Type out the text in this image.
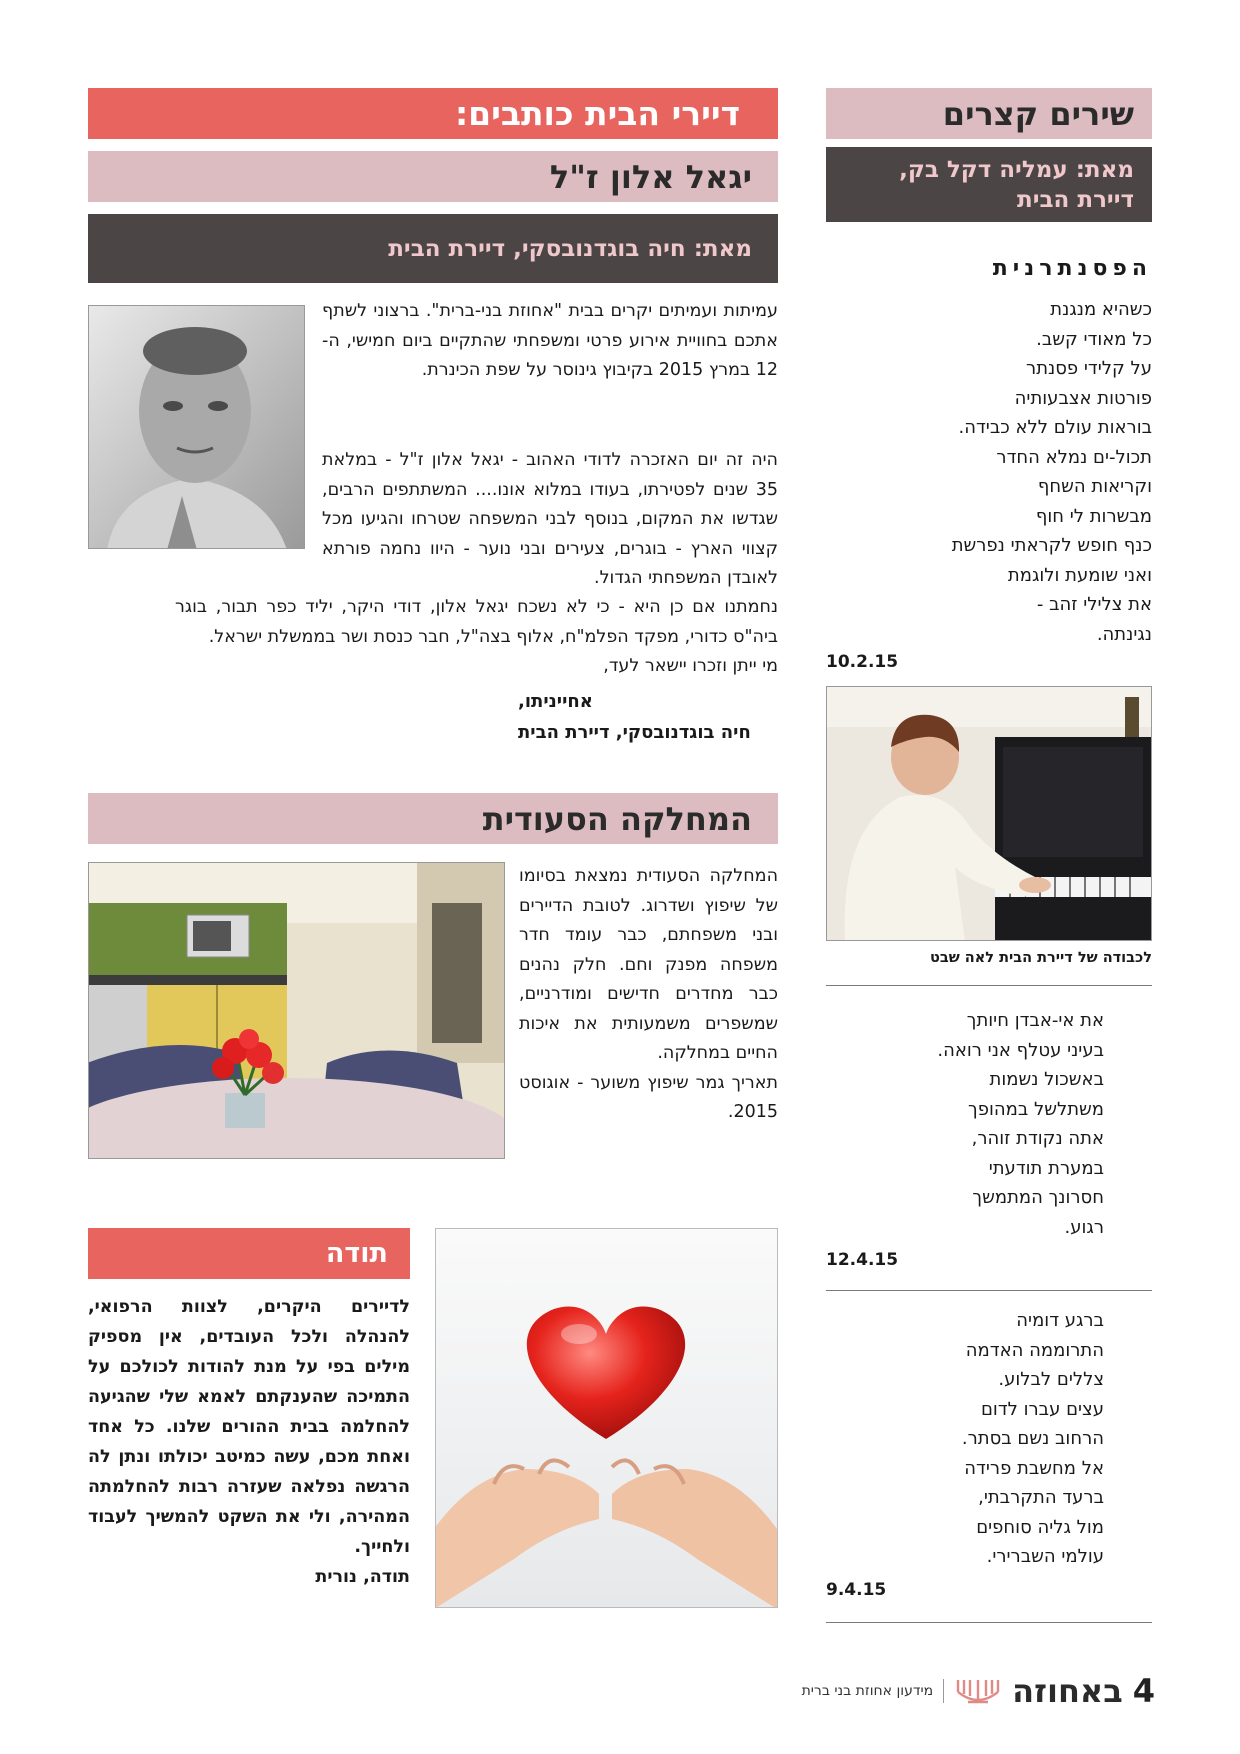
דיירי הבית כותבים:
יגאל אלון ז"ל
מאת: חיה בוגדנובסקי, דיירת הבית

עמיתות ועמיתים יקרים בבית "אחוזת בני-ברית". ברצוני לשתף אתכם בחוויית אירוע פרטי ומשפחתי שהתקיים ביום חמישי, ה- 12 במרץ 2015 בקיבוץ גינוסר על שפת הכינרת.

היה זה יום האזכרה לדודי האהוב - יגאל אלון ז"ל - במלאת 35 שנים לפטירתו, בעודו במלוא אונו.... המשתתפים הרבים, שגדשו את המקום, בנוסף לבני המשפחה שטרחו והגיעו מכל קצווי הארץ - בוגרים, צעירים ובני נוער - היוו נחמה פורתא לאובדן המשפחתי הגדול.

נחמתנו אם כן היא - כי לא נשכח יגאל אלון, דודי היקר, יליד כפר תבור, בוגר ביה"ס כדורי, מפקד הפלמ"ח, אלוף בצה"ל, חבר כנסת ושר בממשלת ישראל.

מי ייתן וזכרו יישאר לעד,

אחייניתו,
חיה בוגדנובסקי, דיירת הבית
המחלקה הסעודית

המחלקה הסעודית נמצאת בסיומו של שיפוץ ושדרוג. לטובת הדיירים ובני משפחתם, כבר עומד חדר משפחה מפנק וחם. חלק נהנים כבר מחדרים חדישים ומודרניים, שמשפרים משמעותית את איכות החיים במחלקה.

תאריך גמר שיפוץ משוער - אוגוסט 2015.

תודה

לדיירים היקרים, לצוות הרפואי, להנהלה ולכל העובדים, אין מספיק מילים בפי על מנת להודות לכולכם על התמיכה שהענקתם לאמא שלי שהגיעה להחלמה בבית ההורים שלנו. כל אחד ואחת מכם, עשה כמיטב יכולתו ונתן לה הרגשה נפלאה שעזרה רבות להחלמתה המהירה, ולי את השקט להמשיך לעבוד ולחייך.

תודה, נורית

שירים קצרים
מאת: עמליה דקל בק,
דיירת הבית
הפסנתרנית
כשהיא מנגנת
כל מאודי קשב.
על קלידי פסנתר
פורטות אצבעותיה
בוראות עולם ללא כבידה.
תכול-ים נמלא החדר
וקריאות השחף
מבשרות לי חוף
כנף חופש לקראתי נפרשת
ואני שומעת ולוגמת
את צלילי זהב -
נגינתה.
10.2.15
לכבודה של דיירת הבית לאה שבט
את אי-אבדן חיותך
בעיני עטלף אני רואה.
באשכול נשמות
משתלשל במהופך
אתה נקודת זוהר,
במערת תודעתי
חסרונך המתמשך
רגוע.
12.4.15
ברגע דומיה
התרוממה האדמה
צללים לבלוע.
עצים עברו לדום
הרחוב נשם בסתר.
אל מחשבת פרידה
ברעד התקרבתי,
מול גליה סוחפים
עולמי השברירי.
9.4.15
4
באחוזה
מידעון אחוזת בני ברית
